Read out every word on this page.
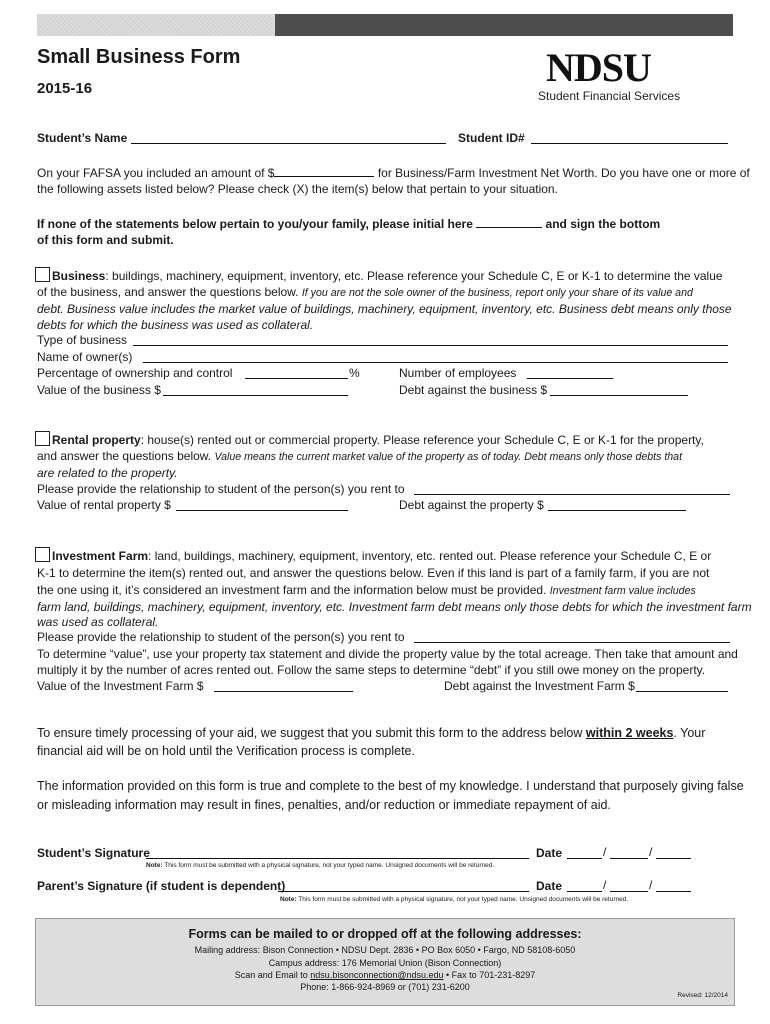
Small Business Form
2015-16	NDSU
Student Financial Services
Student’s Name	Student ID#
On your FAFSA you included an amount of $	for Business/Farm Investment Net Worth. Do you have one or more of
the following assets listed below? Please check (X) the item(s) below that pertain to your situation.
If none of the statements below pertain to you/your family, please initial here	and sign the bottom
of this form and submit.
Business: buildings, machinery, equipment, inventory, etc. Please reference your Schedule C, E or K-1 to determine the value
of the business, and answer the questions below. If you are not the sole owner of the business, report only your share of its value and
debt. Business value includes the market value of buildings, machinery, equipment, inventory, etc. Business debt means only those
debts for which the business was used as collateral.
Type of business
Name of owner(s)
Percentage of ownership and control	%	Number of employees
Value of the business $	Debt against the business $
Rental property: house(s) rented out or commercial property. Please reference your Schedule C, E or K-1 for the property,
and answer the questions below. Value means the current market value of the property as of today. Debt means only those debts that
are related to the property.
Please provide the relationship to student of the person(s) you rent to
Value of rental property $	Debt against the property $
Investment Farm: land, buildings, machinery, equipment, inventory, etc. rented out. Please reference your Schedule C, E or
K-1 to determine the item(s) rented out, and answer the questions below. Even if this land is part of a family farm, if you are not
the one using it, it’s considered an investment farm and the information below must be provided. Investment farm value includes
farm land, buildings, machinery, equipment, inventory, etc. Investment farm debt means only those debts for which the investment farm
was used as collateral.
Please provide the relationship to student of the person(s) you rent to
To determine “value”, use your property tax statement and divide the property value by the total acreage. Then take that amount and
multiply it by the number of acres rented out. Follow the same steps to determine “debt” if you still owe money on the property.
Value of the Investment Farm $	Debt against the Investment Farm $
To ensure timely processing of your aid, we suggest that you submit this form to the address below within 2 weeks. Your
financial aid will be on hold until the Verification process is complete.
The information provided on this form is true and complete to the best of my knowledge. I understand that purposely giving false
or misleading information may result in fines, penalties, and/or reduction or immediate repayment of aid.
Student’s Signature	Date	/	/
Note: This form must be submitted with a physical signature, not your typed name. Unsigned documents will be returned.
Parent’s Signature (if student is dependent)	Date	/	/
Note: This form must be submitted with a physical signature, not your typed name. Unsigned documents will be returned.
Forms can be mailed to or dropped off at the following addresses:
Mailing address: Bison Connection • NDSU Dept. 2836 • PO Box 6050 • Fargo, ND 58108-6050
Campus address: 176 Memorial Union (Bison Connection)
Scan and Email to ndsu.bisonconnection@ndsu.edu • Fax to 701-231-8297
Phone: 1-866-924-8969 or (701) 231-6200
Revised: 12/2014
